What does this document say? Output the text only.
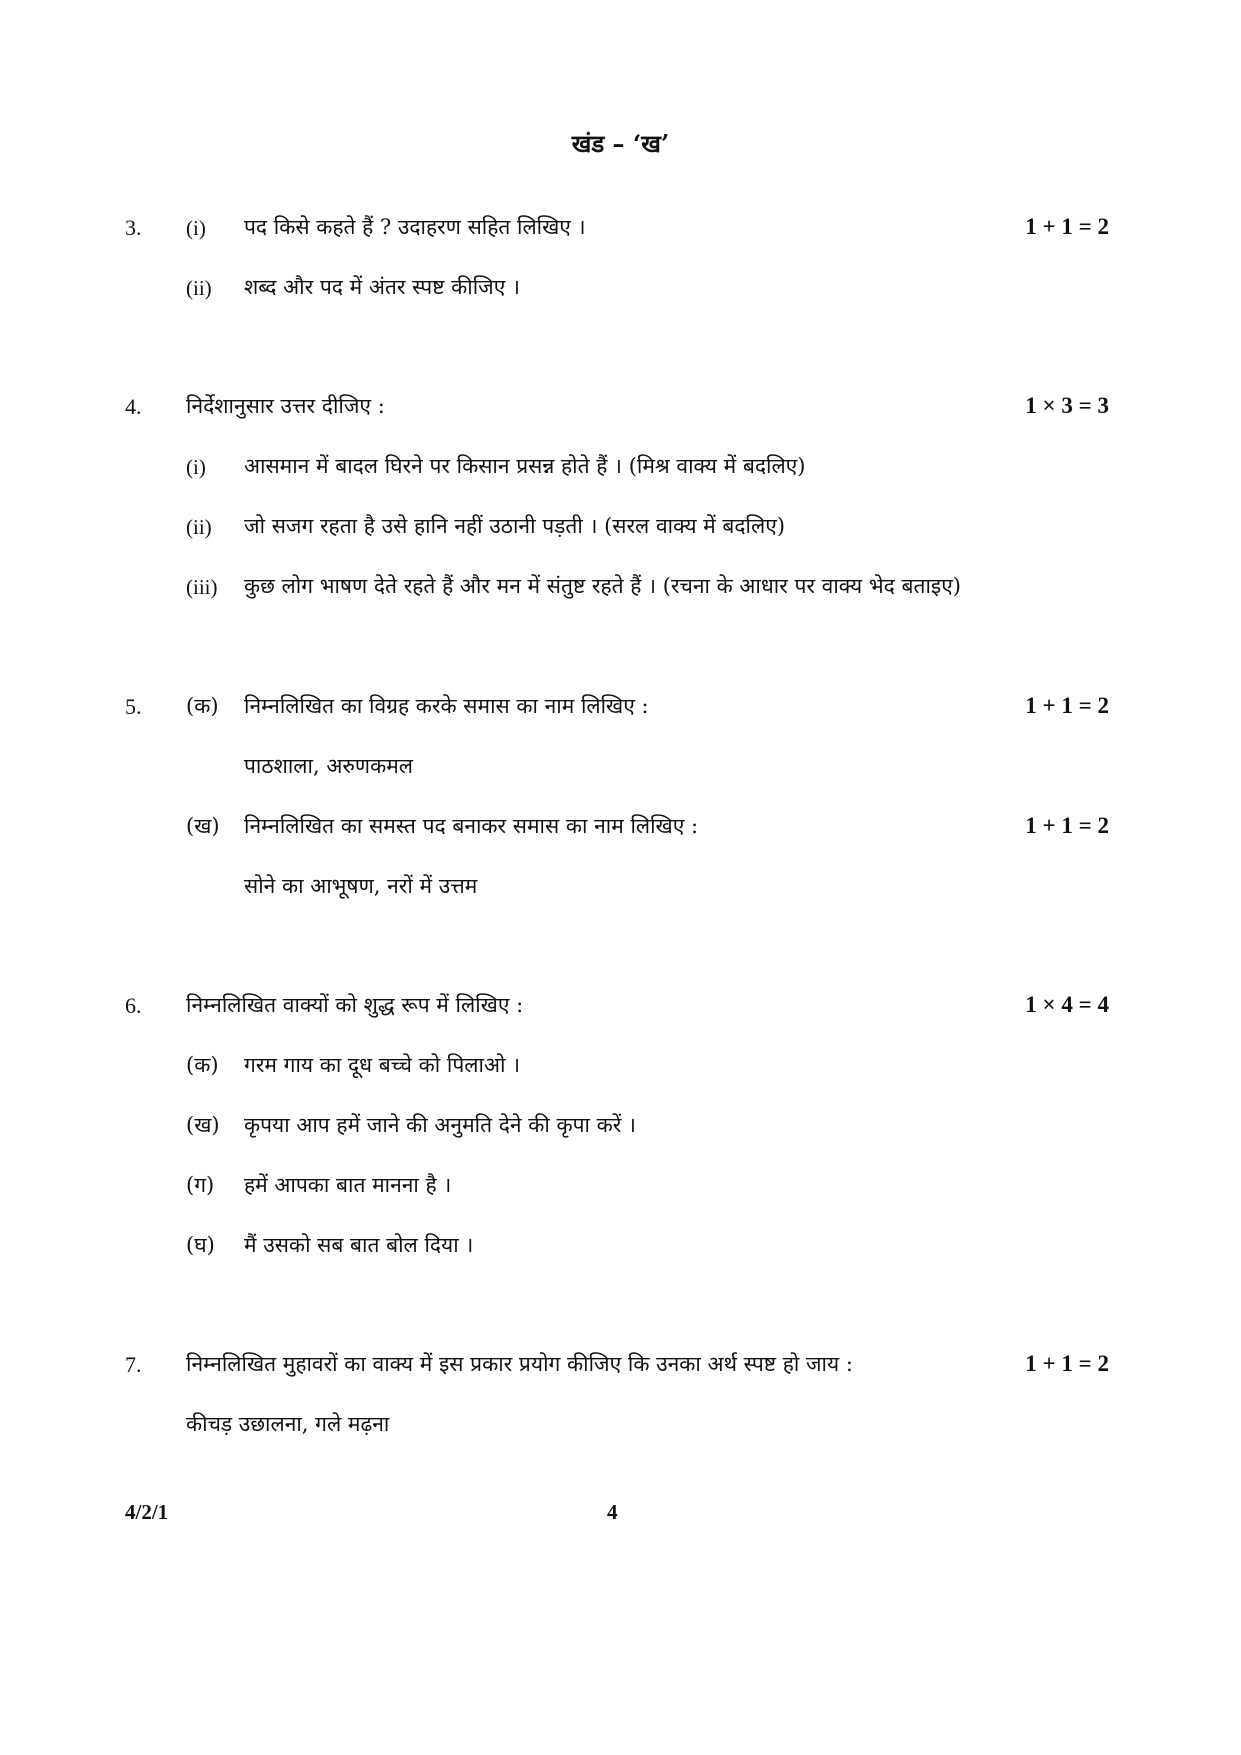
खंड – ‘ख’
3. (i) पद किसे कहते हैं ? उदाहरण सहित लिखिए ।	1 + 1 = 2
(ii) शब्द और पद में अंतर स्पष्ट कीजिए ।
4. निर्देशानुसार उत्तर दीजिए :	1 × 3 = 3
(i) आसमान में बादल घिरने पर किसान प्रसन्न होते हैं । (मिश्र वाक्य में बदलिए)
(ii) जो सजग रहता है उसे हानि नहीं उठानी पड़ती । (सरल वाक्य में बदलिए)
(iii) कुछ लोग भाषण देते रहते हैं और मन में संतुष्ट रहते हैं । (रचना के आधार पर वाक्य भेद बताइए)
5. (क) निम्नलिखित का विग्रह करके समास का नाम लिखिए :	1 + 1 = 2
पाठशाला, अरुणकमल
(ख) निम्नलिखित का समस्त पद बनाकर समास का नाम लिखिए :	1 + 1 = 2
सोने का आभूषण, नरों में उत्तम
6. निम्नलिखित वाक्यों को शुद्ध रूप में लिखिए :	1 × 4 = 4
(क) गरम गाय का दूध बच्चे को पिलाओ ।
(ख) कृपया आप हमें जाने की अनुमति देने की कृपा करें ।
(ग) हमें आपका बात मानना है ।
(घ) मैं उसको सब बात बोल दिया ।
7. निम्नलिखित मुहावरों का वाक्य में इस प्रकार प्रयोग कीजिए कि उनका अर्थ स्पष्ट हो जाय :	1 + 1 = 2
कीचड़ उछालना, गले मढ़ना
4/2/1	4
